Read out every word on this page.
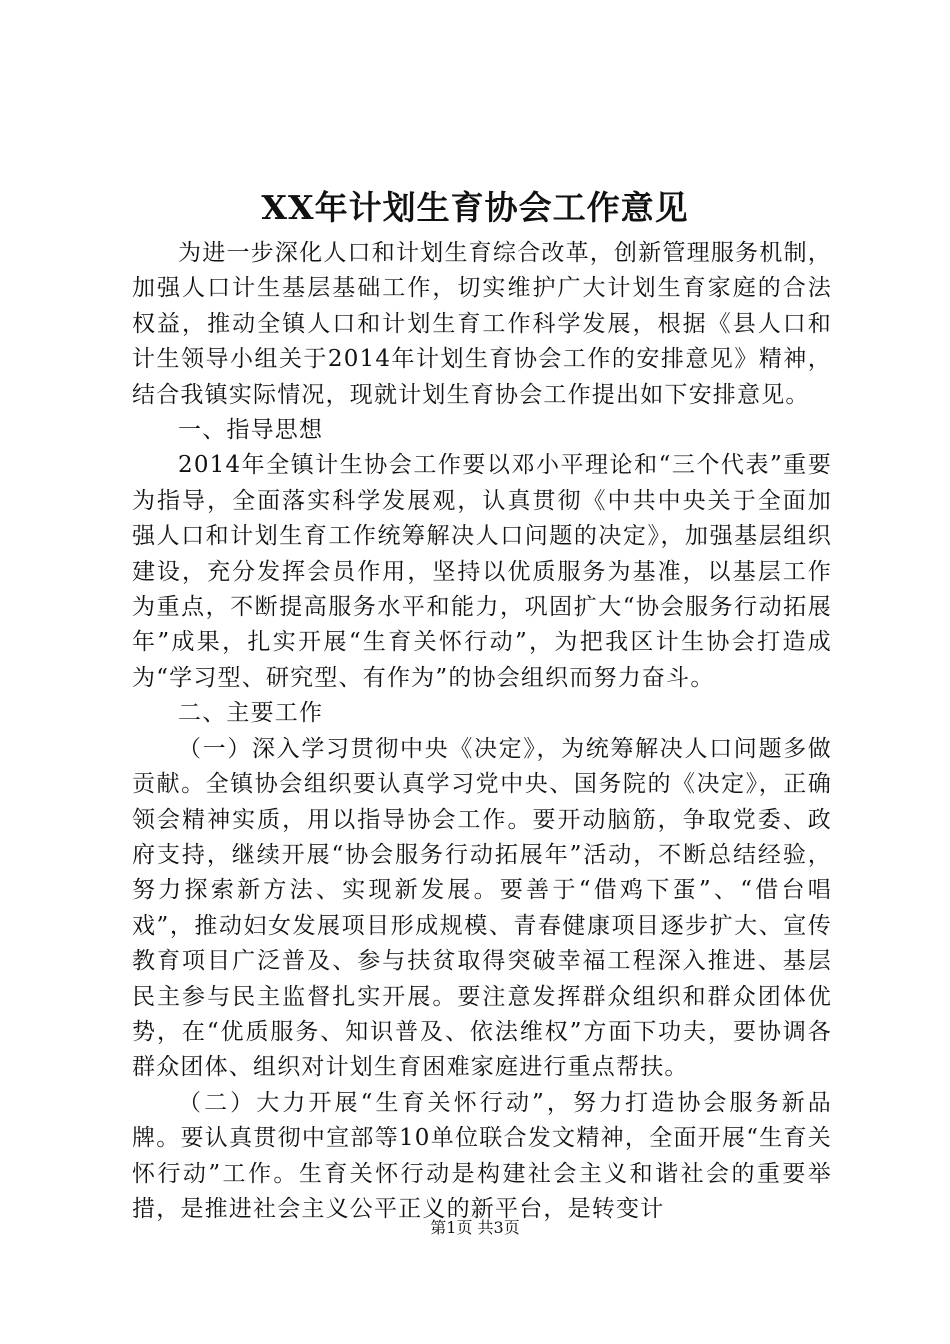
XX年计划生育协会工作意见

为进一步深化人口和计划生育综合改革，创新管理服务机制，加强人口计生基层基础工作，切实维护广大计划生育家庭的合法权益，推动全镇人口和计划生育工作科学发展，根据《县人口和计生领导小组关于2014年计划生育协会工作的安排意见》精神，结合我镇实际情况，现就计划生育协会工作提出如下安排意见。

一、指导思想

2014年全镇计生协会工作要以邓小平理论和“三个代表”重要为指导，全面落实科学发展观，认真贯彻《中共中央关于全面加强人口和计划生育工作统筹解决人口问题的决定》，加强基层组织建设，充分发挥会员作用，坚持以优质服务为基准，以基层工作为重点，不断提高服务水平和能力，巩固扩大“协会服务行动拓展年”成果，扎实开展“生育关怀行动”，为把我区计生协会打造成为“学习型、研究型、有作为”的协会组织而努力奋斗。

二、主要工作

（一）深入学习贯彻中央《决定》，为统筹解决人口问题多做贡献。全镇协会组织要认真学习党中央、国务院的《决定》，正确领会精神实质，用以指导协会工作。要开动脑筋，争取党委、政府支持，继续开展“协会服务行动拓展年”活动，不断总结经验，努力探索新方法、实现新发展。要善于“借鸡下蛋”、“借台唱戏”，推动妇女发展项目形成规模、青春健康项目逐步扩大、宣传教育项目广泛普及、参与扶贫取得突破幸福工程深入推进、基层民主参与民主监督扎实开展。要注意发挥群众组织和群众团体优势，在“优质服务、知识普及、依法维权”方面下功夫，要协调各群众团体、组织对计划生育困难家庭进行重点帮扶。

（二）大力开展“生育关怀行动”，努力打造协会服务新品牌。要认真贯彻中宣部等10单位联合发文精神，全面开展“生育关怀行动”工作。生育关怀行动是构建社会主义和谐社会的重要举措，是推进社会主义公平正义的新平台，是转变计

第1页 共3页
